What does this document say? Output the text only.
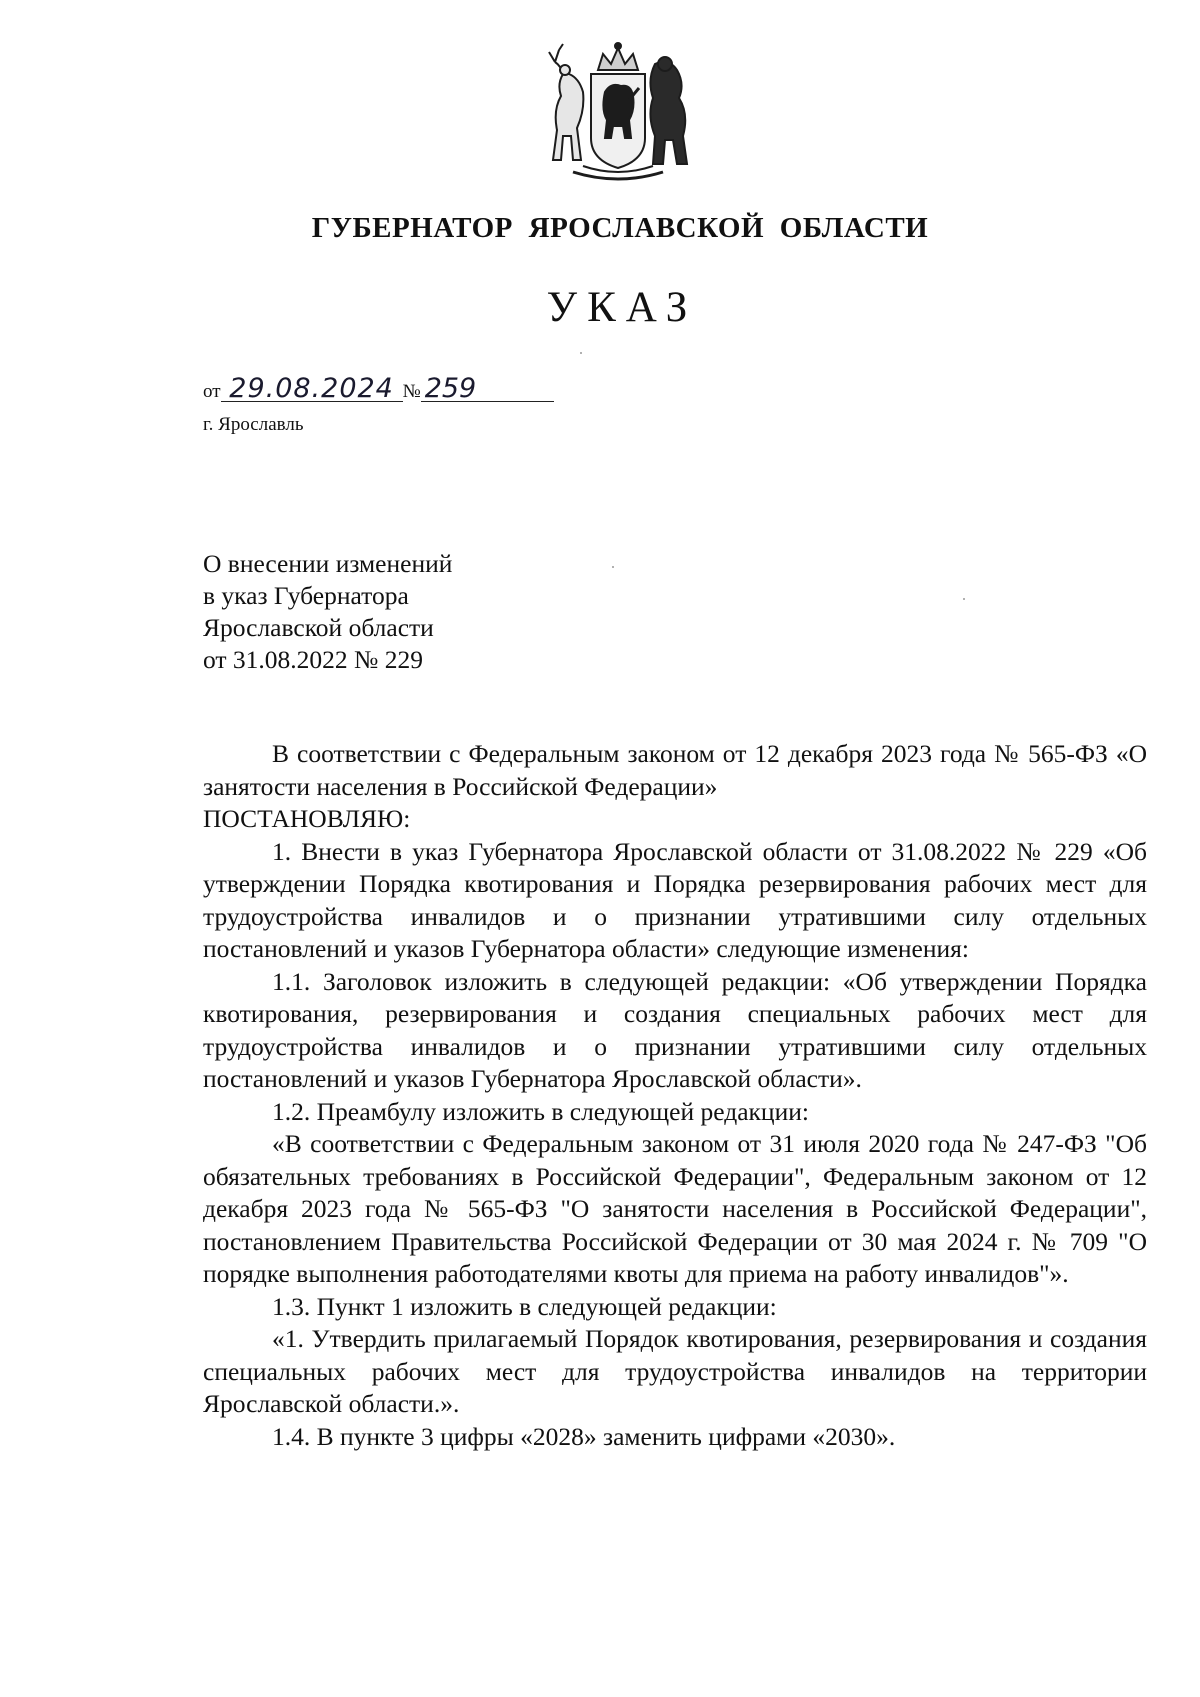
ГУБЕРНАТОР ЯРОСЛАВСКОЙ ОБЛАСТИ
УКАЗ
от 29.08.2024 № 259
г. Ярославль
О внесении изменений
в указ Губернатора
Ярославской области
от 31.08.2022 № 229

В соответствии с Федеральным законом от 12 декабря 2023 года № 565-ФЗ «О занятости населения в Российской Федерации»

ПОСТАНОВЛЯЮ:

1. Внести в указ Губернатора Ярославской области от 31.08.2022 № 229 «Об утверждении Порядка квотирования и Порядка резервирования рабочих мест для трудоустройства инвалидов и о признании утратившими силу отдельных постановлений и указов Губернатора области» следующие изменения:

1.1. Заголовок изложить в следующей редакции: «Об утверждении Порядка квотирования, резервирования и создания специальных рабочих мест для трудоустройства инвалидов и о признании утратившими силу отдельных постановлений и указов Губернатора Ярославской области».

1.2. Преамбулу изложить в следующей редакции:

«В соответствии с Федеральным законом от 31 июля 2020 года № 247-ФЗ "Об обязательных требованиях в Российской Федерации", Федеральным законом от 12 декабря 2023 года № 565-ФЗ "О занятости населения в Российской Федерации", постановлением Правительства Российской Федерации от 30 мая 2024 г. № 709 "О порядке выполнения работодателями квоты для приема на работу инвалидов"».

1.3. Пункт 1 изложить в следующей редакции:

«1. Утвердить прилагаемый Порядок квотирования, резервирования и создания специальных рабочих мест для трудоустройства инвалидов на территории Ярославской области.».

1.4. В пункте 3 цифры «2028» заменить цифрами «2030».
